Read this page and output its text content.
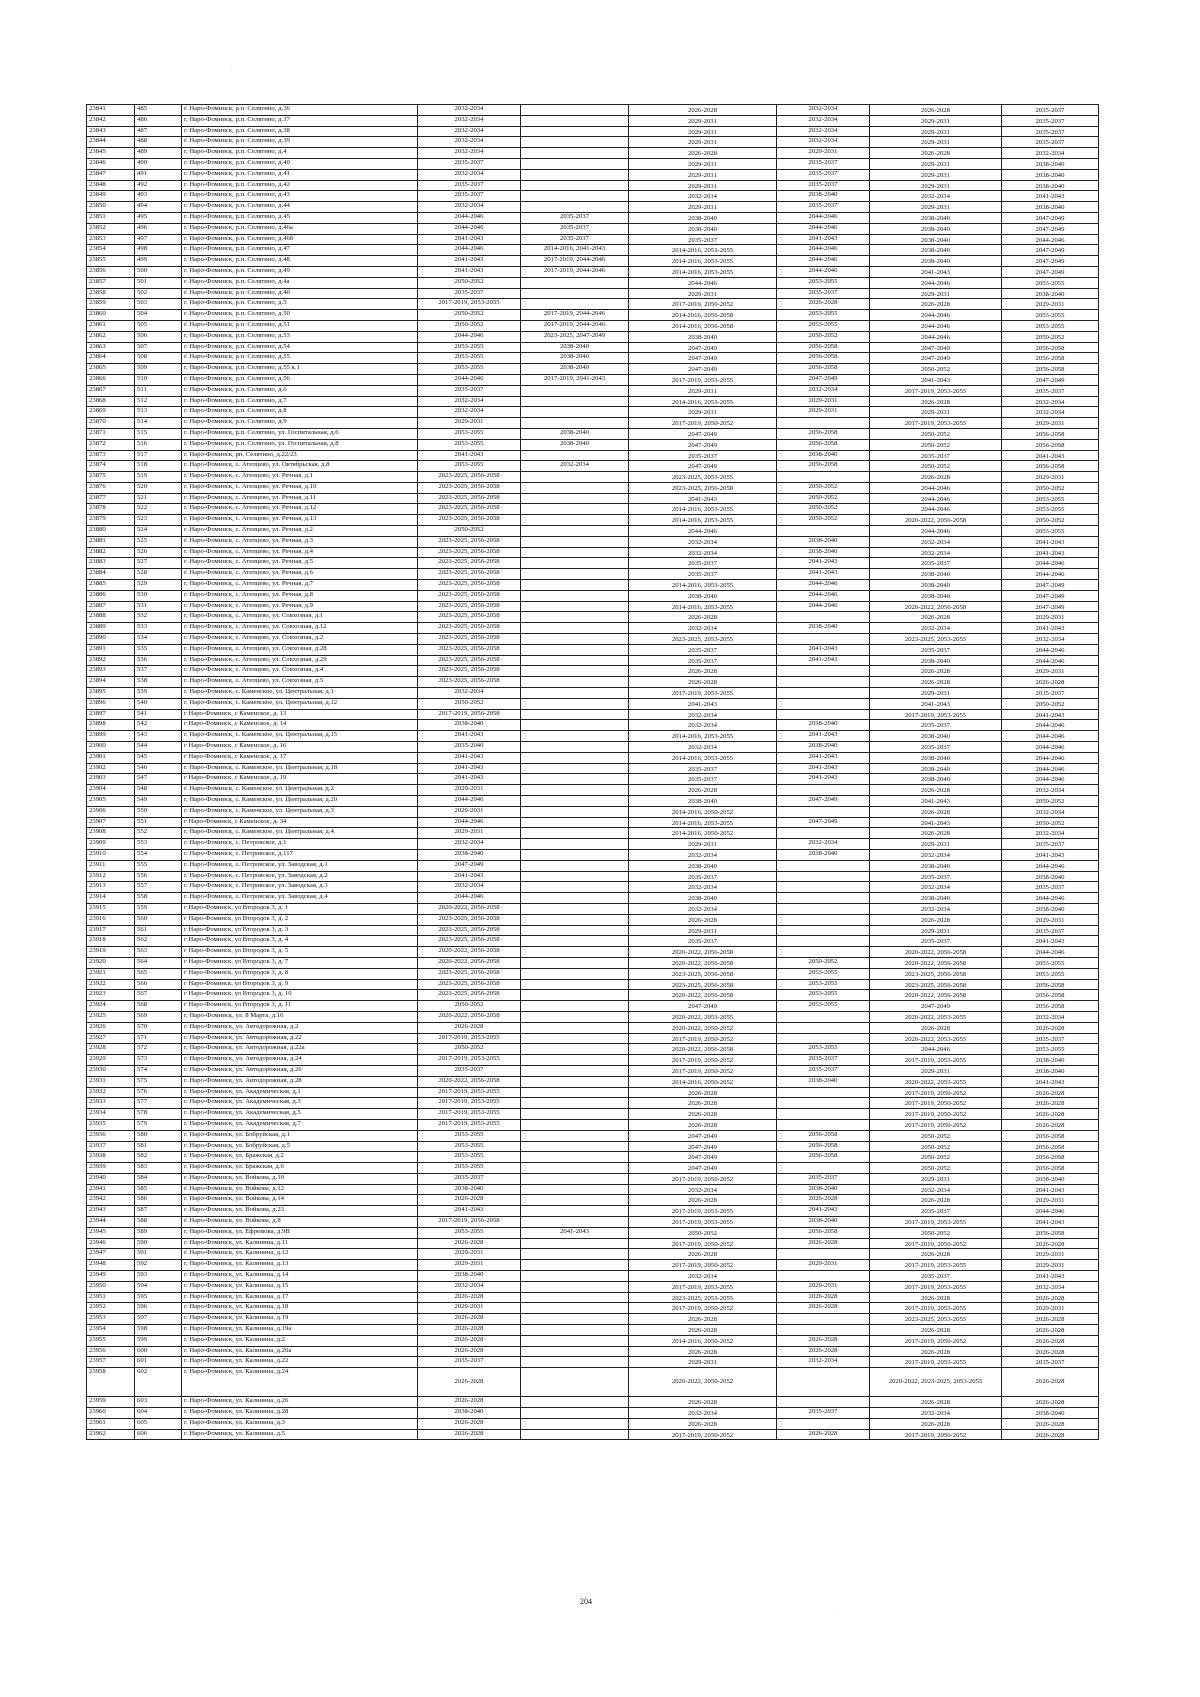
23841	485	г. Наро-Фоминск, р.п. Селятино, д.36	2032-2034		2026-2028	2032-2034	2026-2028	2035-2037
23842	486	г. Наро-Фоминск, р.п. Селятино, д.37	2032-2034		2029-2031	2032-2034	2029-2031	2035-2037
23843	487	г. Наро-Фоминск, р.п. Селятино, д.38	2032-2034		2029-2031	2032-2034	2029-2031	2035-2037
23844	488	г. Наро-Фоминск, р.п. Селятино, д.39	2032-2034		2029-2031	2032-2034	2029-2031	2035-2037
23845	489	г. Наро-Фоминск, р.п. Селятино, д.4	2032-2034		2026-2028	2029-2031	2026-2028	2032-2034
23846	490	г. Наро-Фоминск, р.п. Селятино, д.40	2035-2037		2029-2031	2035-2037	2029-2031	2038-2040
23847	491	г. Наро-Фоминск, р.п. Селятино, д.41	2032-2034		2029-2031	2035-2037	2029-2031	2038-2040
23848	492	г. Наро-Фоминск, р.п. Селятино, д.42	2035-2037		2029-2031	2035-2037	2029-2031	2038-2040
23849	493	г. Наро-Фоминск, р.п. Селятино, д.43	2035-2037		2032-2034	2038-2040	2032-2034	2041-2043
23850	494	г. Наро-Фоминск, р.п. Селятино, д.44	2032-2034		2029-2031	2035-2037	2029-2031	2038-2040
23851	495	г. Наро-Фоминск, р.п. Селятино, д.45	2044-2046	2035-2037	2038-2040	2044-2046	2038-2040	2047-2049
23852	496	г. Наро-Фоминск, р.п. Селятино, д.46а	2044-2046	2035-2037	2038-2040	2044-2046	2038-2040	2047-2049
23853	497	г. Наро-Фоминск, р.п. Селятино, д.46б	2041-2043	2035-2037	2035-2037	2041-2043	2038-2040	2044-2046
23854	498	г. Наро-Фоминск, р.п. Селятино, д.47	2044-2046	2014-2016, 2041-2043	2014-2016, 2053-2055	2044-2046	2038-2040	2047-2049
23855	499	г. Наро-Фоминск, р.п. Селятино, д.48	2041-2043	2017-2019, 2044-2046	2014-2016, 2053-2055	2044-2046	2038-2040	2047-2049
23856	500	г. Наро-Фоминск, р.п. Селятино, д.49	2041-2043	2017-2019, 2044-2046	2014-2016, 2053-2055	2044-2046	2041-2043	2047-2049
23857	501	г. Наро-Фоминск, р.п. Селятино, д.4а	2050-2052		2044-2046	2053-2055	2044-2046	2053-2055
23858	502	г. Наро-Фоминск, р.п. Селятино, д.4б	2035-2037		2029-2031	2035-2037	2029-2031	2038-2040
23859	503	г. Наро-Фоминск, р.п. Селятино, д.5	2017-2019, 2053-2055		2017-2019, 2050-2052	2026-2028	2026-2028	2029-2031
23860	504	г. Наро-Фоминск, р.п. Селятино, д.50	2050-2052	2017-2019, 2044-2046	2014-2016, 2056-2058	2053-2055	2044-2046	2053-2055
23861	505	г. Наро-Фоминск, р.п. Селятино, д.51	2050-2052	2017-2019, 2044-2046	2014-2016, 2056-2058	2053-2055	2044-2046	2053-2055
23862	506	г. Наро-Фоминск, р.п. Селятино, д.53	2044-2046	2023-2025, 2047-2049	2038-2040	2050-2052	2044-2046	2050-2052
23863	507	г. Наро-Фоминск, р.п. Селятино, д.54	2053-2055	2038-2040	2047-2049	2056-2058	2047-2049	2056-2058
23864	508	г. Наро-Фоминск, р.п. Селятино, д.55	2053-2055	2038-2040	2047-2049	2056-2058	2047-2049	2056-2058
23865	509	г. Наро-Фоминск, р.п. Селятино, д.55 к.1	2053-2055	2038-2040	2047-2049	2056-2058	2050-2052	2056-2058
23866	510	г. Наро-Фоминск, р.п. Селятино, д.56	2044-2046	2017-2019, 2041-2043	2017-2019, 2053-2055	2047-2049	2041-2043	2047-2049
23867	511	г. Наро-Фоминск, р.п. Селятино, д.6	2035-2037		2029-2031	2032-2034	2017-2019, 2053-2055	2035-2037
23868	512	г. Наро-Фоминск, р.п. Селятино, д.7	2032-2034		2014-2016, 2053-2055	2029-2031	2026-2028	2032-2034
23869	513	г. Наро-Фоминск, р.п. Селятино, д.8	2032-2034		2029-2031	2029-2031	2029-2031	2032-2034
23870	514	г. Наро-Фоминск, р.п. Селятино, д.9	2029-2031		2017-2019, 2050-2052		2017-2019, 2053-2055	2029-2031
23871	515	г. Наро-Фоминск, р.п. Селятино, ул. Госпитальная, д.6	2053-2055	2038-2040	2047-2049	2056-2058	2050-2052	2056-2058
23872	516	г. Наро-Фоминск, р.п. Селятино, ул. Госпитальная, д.8	2053-2055	2038-2040	2047-2049	2056-2058	2050-2052	2056-2058
23873	517	г. Наро-Фоминск, рп. Селятино, д.22/23	2041-2043		2035-2037	2038-2040	2035-2037	2041-2043
23874	518	г. Наро-Фоминск, с. Атепцево, ул. Октябрьская, д.8	2053-2055	2032-2034	2047-2049	2056-2058	2050-2052	2056-2058
23875	519	г. Наро-Фоминск, с. Атепцево, ул. Речная, д.1	2023-2025, 2056-2058		2023-2025, 2053-2055		2026-2028	2029-2031
23876	520	г. Наро-Фоминск, с. Атепцево, ул. Речная, д.10	2023-2025, 2056-2058		2023-2025, 2056-2058	2050-2052	2044-2046	2050-2052
23877	521	г. Наро-Фоминск, с. Атепцево, ул. Речная, д.11	2023-2025, 2056-2058		2041-2043	2050-2052	2044-2046	2053-2055
23878	522	г. Наро-Фоминск, с. Атепцево, ул. Речная, д.12	2023-2025, 2056-2058		2014-2016, 2053-2055	2050-2052	2044-2046	2053-2055
23879	523	г. Наро-Фоминск, с. Атепцево, ул. Речная, д.13	2023-2025, 2056-2058		2014-2016, 2053-2055	2050-2052	2020-2022, 2056-2058	2050-2052
23880	524	г. Наро-Фоминск, с. Атепцево, ул. Речная, д.2	2050-2052		2044-2046		2044-2046	2053-2055
23881	525	г. Наро-Фоминск, с. Атепцево, ул. Речная, д.3	2023-2025, 2056-2058		2032-2034	2038-2040	2032-2034	2041-2043
23882	526	г. Наро-Фоминск, с. Атепцево, ул. Речная, д.4	2023-2025, 2056-2058		2032-2034	2038-2040	2032-2034	2041-2043
23883	527	г. Наро-Фоминск, с. Атепцево, ул. Речная, д.5	2023-2025, 2056-2058		2035-2037	2041-2043	2035-2037	2044-2046
23884	528	г. Наро-Фоминск, с. Атепцево, ул. Речная, д.6	2023-2025, 2056-2058		2035-2037	2041-2043	2038-2040	2044-2046
23885	529	г. Наро-Фоминск, с. Атепцево, ул. Речная, д.7	2023-2025, 2056-2058		2014-2016, 2053-2055	2044-2046	2038-2040	2047-2049
23886	530	г. Наро-Фоминск, с. Атепцево, ул. Речная, д.8	2023-2025, 2056-2058		2038-2040	2044-2046	2038-2040	2047-2049
23887	531	г. Наро-Фоминск, с. Атепцево, ул. Речная, д.9	2023-2025, 2056-2058		2014-2016, 2053-2055	2044-2046	2020-2022, 2056-2058	2047-2049
23888	532	г. Наро-Фоминск, с. Атепцево, ул. Совхозная, д.1	2023-2025, 2056-2058		2026-2028		2026-2028	2029-2031
23889	533	г. Наро-Фоминск, с. Атепцево, ул. Совхозная, д.12	2023-2025, 2056-2058		2032-2034	2038-2040	2032-2034	2041-2043
23890	534	г. Наро-Фоминск, с. Атепцево, ул. Совхозная, д.2	2023-2025, 2056-2058		2023-2025, 2053-2055		2023-2025, 2053-2055	2032-2034
23891	535	г. Наро-Фоминск, с. Атепцево, ул. Совхозная, д.28	2023-2025, 2056-2058		2035-2037	2041-2043	2035-2037	2044-2046
23892	536	г. Наро-Фоминск, с. Атепцево, ул. Совхозная, д.29	2023-2025, 2056-2058		2035-2037	2041-2043	2038-2040	2044-2046
23893	537	г. Наро-Фоминск, с. Атепцево, ул. Совхозная, д.4	2023-2025, 2056-2058		2026-2028		2026-2028	2029-2031
23894	538	г. Наро-Фоминск, с. Атепцево, ул. Совхозная, д.5	2023-2025, 2056-2058		2026-2028		2026-2028	2026-2028
23895	539	г. Наро-Фоминск, с. Каменское, ул. Центральная, д.1	2032-2034		2017-2019, 2053-2055		2029-2031	2035-2037
23896	540	г. Наро-Фоминск, с. Каменское, ул. Центральная, д.12	2050-2052		2041-2043		2041-2043	2050-2052
23897	541	г Наро-Фоминск, с Каменское, д. 13	2017-2019, 2056-2058		2032-2034		2017-2019, 2053-2055	2041-2043
23898	542	г Наро-Фоминск, с Каменское, д. 14	2038-2040		2032-2034	2038-2040	2035-2037	2044-2046
23899	543	г. Наро-Фоминск, с. Каменское, ул. Центральная, д.15	2041-2043		2014-2016, 2053-2055	2041-2043	2038-2040	2044-2046
23900	544	г Наро-Фоминск, с Каменское, д. 16	2035-2040		2032-2034	2038-2040	2035-2037	2044-2046
23901	545	г Наро-Фоминск, с Каменское, д. 17	2041-2043		2014-2016, 2053-2055	2041-2043	2038-2040	2044-2046
23902	546	г. Наро-Фоминск, с. Каменское, ул. Центральная, д.18	2041-2043		2035-2037	2041-2043	2038-2040	2044-2046
23903	547	г Наро-Фоминск, с Каменское, д. 19	2041-2043		2035-2037	2041-2043	2038-2040	2044-2046
23904	548	г. Наро-Фоминск, с. Каменское, ул. Центральная, д.2	2029-2031		2026-2028		2026-2028	2032-2034
23905	549	г. Наро-Фоминск, с. Каменское, ул. Центральная, д.20	2044-2046		2038-2040	2047-2049	2041-2043	2050-2052
23906	550	г. Наро-Фоминск, с. Каменское, ул. Центральная, д.3	2029-2031		2014-2016, 2050-2052		2026-2028	2032-2034
23907	551	г Наро-Фоминск, с Каменское, д. 34	2044-2046		2014-2016, 2053-2055	2047-2049	2041-2043	2050-2052
23908	552	г. Наро-Фоминск, с. Каменское, ул. Центральная, д.4	2029-2031		2014-2016, 2050-2052		2026-2028	2032-2034
23909	553	г. Наро-Фоминск, с. Петровское, д.1	2032-2034		2029-2031	2032-2034	2029-2031	2035-2037
23910	554	г. Наро-Фоминск, с. Петровское, д.117	2038-2040		2032-2034	2038-2040	2032-2034	2041-2043
23911	555	г. Наро-Фоминск, с. Петровское, ул. Заводская, д.1	2047-2049		2038-2040		2038-2040	2044-2046
23912	556	г. Наро-Фоминск, с. Петровское, ул. Заводская, д.2	2041-2043		2035-2037		2035-2037	2038-2040
23913	557	г. Наро-Фоминск, с. Петровское, ул. Заводская, д.3	2032-2034		2032-2034		2032-2034	2035-2037
23914	558	г. Наро-Фоминск, с. Петровское, ул. Заводская, д.4	2044-2046		2038-2040		2038-2040	2044-2046
23915	559	г Наро-Фоминск, ул Втородок 3, д. 1	2020-2022, 2056-2058		2032-2034		2032-2034	2038-2040
23916	560	г Наро-Фоминск, ул Втородок 3, д. 2	2023-2025, 2056-2058		2026-2028		2026-2028	2029-2031
23917	561	г Наро-Фоминск, ул Втородок 3, д. 3	2023-2025, 2056-2058		2029-2031		2029-2031	2035-2037
23918	562	г Наро-Фоминск, ул Втородок 3, д. 4	2023-2025, 2056-2058		2035-2037		2035-2037	2041-2043
23919	563	г Наро-Фоминск, ул Втородок 3, д. 5	2020-2022, 2056-2058		2020-2022, 2056-2058		2020-2022, 2056-2058	2044-2046
23920	564	г Наро-Фоминск, ул Втородок 3, д. 7	2020-2022, 2056-2058		2020-2022, 2056-2058	2050-2052	2020-2022, 2056-2058	2053-2055
23921	565	г Наро-Фоминск, ул Втородок 3, д. 8	2023-2025, 2056-2058		2023-2025, 2056-2058	2053-2055	2023-2025, 2056-2058	2053-2055
23922	566	г Наро-Фоминск, ул Втородок 3, д. 9	2023-2025, 2056-2058		2023-2025, 2056-2058	2053-2055	2023-2025, 2056-2058	2056-2058
23923	567	г Наро-Фоминск, ул Втородок 3, д. 10	2023-2025, 2056-2058		2020-2022, 2056-2058	2053-2055	2020-2022, 2056-2058	2056-2058
23924	568	г Наро-Фоминск, ул Втородок 3, д. 11	2050-2052		2047-2049	2053-2055	2047-2049	2056-2058
23925	569	г. Наро-Фоминск, ул. 8 Марта, д.16	2020-2022, 2056-2058		2020-2022, 2053-2055		2020-2022, 2053-2055	2032-2034
23926	570	г. Наро-Фоминск, ул. Автодорожная, д.2	2026-2028		2020-2022, 2050-2052		2026-2028	2026-2028
23927	571	г. Наро-Фоминск, ул. Автодорожная, д.22	2017-2019, 2053-2055		2017-2019, 2050-2052		2020-2022, 2053-2055	2035-2037
23928	572	г. Наро-Фоминск, ул. Автодорожная, д.22а	2050-2052		2020-2022, 2056-2058	2053-2055	2044-2046	2053-2055
23929	573	г. Наро-Фоминск, ул. Автодорожная, д.24	2017-2019, 2053-2055		2017-2019, 2050-2052	2035-2037	2017-2019, 2053-2055	2038-2040
23930	574	г. Наро-Фоминск, ул. Автодорожная, д.26	2035-2037		2017-2019, 2050-2052	2035-2037	2029-2031	2038-2040
23931	575	г. Наро-Фоминск, ул. Автодорожная, д.28	2020-2022, 2056-2058		2014-2016, 2050-2052	2038-2040	2020-2022, 2053-2055	2041-2043
23932	576	г. Наро-Фоминск, ул. Академическая, д.1	2017-2019, 2053-2055		2026-2028		2017-2019, 2050-2052	2026-2028
23933	577	г. Наро-Фоминск, ул. Академическая, д.3	2017-2019, 2053-2055		2026-2028		2017-2019, 2050-2052	2026-2028
23934	578	г. Наро-Фоминск, ул. Академическая, д.5	2017-2019, 2053-2055		2026-2028		2017-2019, 2050-2052	2026-2028
23935	579	г. Наро-Фоминск, ул. Академическая, д.7	2017-2019, 2053-2055		2026-2028		2017-2019, 2050-2052	2026-2028
23936	580	г. Наро-Фоминск, ул. Бобруйская, д.1	2053-2055		2047-2049	2056-2058	2050-2052	2056-2058
23937	581	г. Наро-Фоминск, ул. Бобруйская, д.5	2053-2055		2047-2049	2056-2058	2050-2052	2056-2058
23938	582	г. Наро-Фоминск, ул. Бражская, д.2	2053-2055		2047-2049	2056-2058	2050-2052	2056-2058
23939	583	г. Наро-Фоминск, ул. Бражская, д.6	2053-2055		2047-2049		2050-2052	2056-2058
23940	584	г. Наро-Фоминск, ул. Войкова, д.10	2035-2037		2017-2019, 2050-2052	2035-2037	2029-2031	2038-2040
23941	585	г. Наро-Фоминск, ул. Войкова, д.12	2038-2040		2032-2034	2038-2040	2032-2034	2041-2043
23942	586	г. Наро-Фоминск, ул. Войкова, д.14	2026-2028		2026-2028	2026-2028	2026-2028	2029-2031
23943	587	г. Наро-Фоминск, ул. Войкова, д.23	2041-2043		2017-2019, 2053-2055	2041-2043	2035-2037	2044-2046
23944	588	г. Наро-Фоминск, ул. Войкова, д.8	2017-2019, 2056-2058		2017-2019, 2053-2055	2038-2040	2017-2019, 2053-2055	2041-2043
23945	589	г. Наро-Фоминск, ул. Ефремова, д.9В	2053-2055	2041-2043	2050-2052	2056-2058	2050-2052	2056-2058
23946	590	г. Наро-Фоминск, ул. Калинина, д.11	2026-2028		2017-2019, 2050-2052	2026-2028	2017-2019, 2050-2052	2026-2028
23947	591	г. Наро-Фоминск, ул. Калинина, д.12	2029-2031		2026-2028		2026-2028	2029-2031
23948	592	г. Наро-Фоминск, ул. Калинина, д.13	2029-2031		2017-2019, 2050-2052	2029-2031	2017-2019, 2053-2055	2029-2031
23949	593	г. Наро-Фоминск, ул. Калинина, д.14	2038-2040		2032-2034		2035-2037	2041-2043
23950	594	г. Наро-Фоминск, ул. Калинина, д.15	2032-2034		2017-2019, 2053-2055	2029-2031	2017-2019, 2053-2055	2032-2034
23951	595	г. Наро-Фоминск, ул. Калинина, д.17	2026-2028		2023-2025, 2053-2055	2026-2028	2026-2028	2026-2028
23952	596	г. Наро-Фоминск, ул. Калинина, д.18	2029-2031		2017-2019, 2050-2052	2026-2028	2017-2019, 2053-2055	2029-2031
23953	597	г. Наро-Фоминск, ул. Калинина, д.19	2026-2028		2026-2028		2023-2025, 2053-2055	2026-2028
23954	598	г. Наро-Фоминск, ул. Калинина, д.19а	2026-2028		2026-2028		2026-2028	2026-2028
23955	599	г. Наро-Фоминск, ул. Калинина, д.2	2026-2028		2014-2016, 2050-2052	2026-2028	2017-2019, 2050-2052	2026-2028
23956	600	г. Наро-Фоминск, ул. Калинина, д.20а	2026-2028		2026-2028	2026-2028	2026-2028	2026-2028
23957	601	г. Наро-Фоминск, ул. Калинина, д.22	2035-2037		2029-2031	2032-2034	2017-2019, 2053-2055	2035-2037
23958	602	г. Наро-Фоминск, ул. Калинина, д.24	2026-2028		2020-2022, 2050-2052		2020-2022, 2023-2025, 2053-2055	2026-2028
23959	603	г. Наро-Фоминск, ул. Калинина, д.26	2026-2028		2026-2028		2026-2028	2026-2028
23960	604	г. Наро-Фоминск, ул. Калинина, д.28	2038-2040		2032-2034	2035-2037	2032-2034	2038-2040
23961	605	г. Наро-Фоминск, ул. Калинина, д.3	2026-2028		2026-2028		2026-2028	2026-2028
23962	606	г. Наро-Фоминск, ул. Калинина, д.5	2026-2028		2017-2019, 2050-2052	2026-2028	2017-2019, 2050-2052	2026-2028
204
·
·
